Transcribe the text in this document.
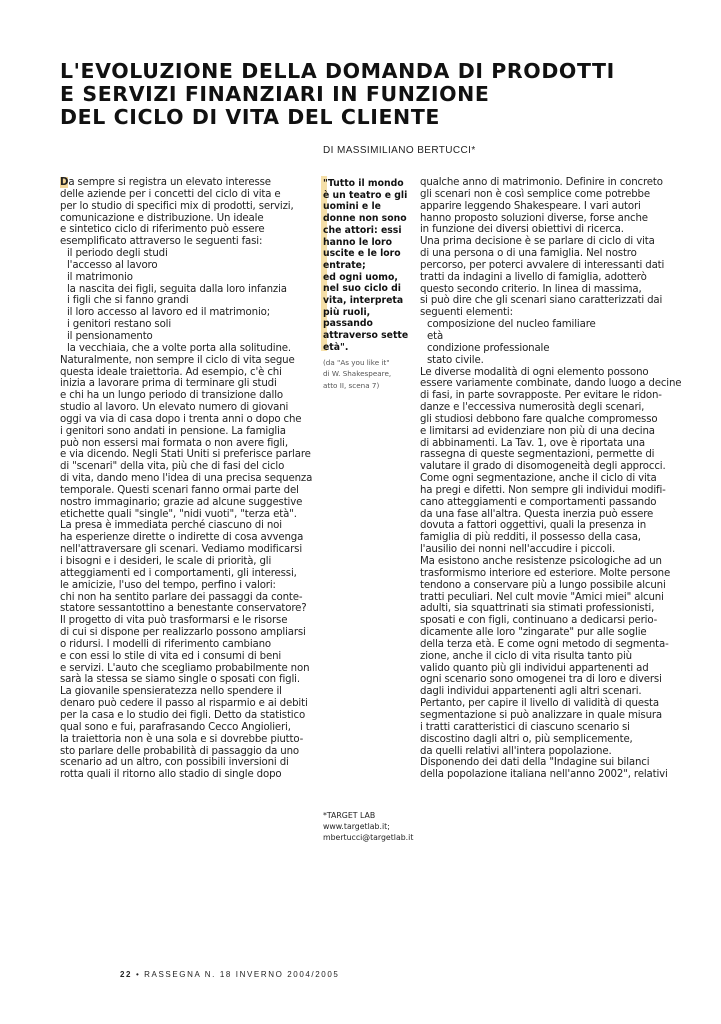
L'EVOLUZIONE DELLA DOMANDA DI PRODOTTI
E SERVIZI FINANZIARI IN FUNZIONE
DEL CICLO DI VITA DEL CLIENTE
DI MASSIMILIANO BERTUCCI*
Da sempre si registra un elevato interesse
delle aziende per i concetti del ciclo di vita e
per lo studio di specifici mix di prodotti, servizi,
comunicazione e distribuzione. Un ideale
e sintetico ciclo di riferimento può essere
esemplificato attraverso le seguenti fasi:
il periodo degli studi
l'accesso al lavoro
il matrimonio
la nascita dei figli, seguita dalla loro infanzia
i figli che si fanno grandi
il loro accesso al lavoro ed il matrimonio;
i genitori restano soli
il pensionamento
la vecchiaia, che a volte porta alla solitudine.
Naturalmente, non sempre il ciclo di vita segue
questa ideale traiettoria. Ad esempio, c'è chi
inizia a lavorare prima di terminare gli studi
e chi ha un lungo periodo di transizione dallo
studio al lavoro. Un elevato numero di giovani
oggi va via di casa dopo i trenta anni o dopo che
i genitori sono andati in pensione. La famiglia
può non essersi mai formata o non avere figli,
e via dicendo. Negli Stati Uniti si preferisce parlare
di "scenari" della vita, più che di fasi del ciclo
di vita, dando meno l'idea di una precisa sequenza
temporale. Questi scenari fanno ormai parte del
nostro immaginario; grazie ad alcune suggestive
etichette quali "single", "nidi vuoti", "terza età".
La presa è immediata perché ciascuno di noi
ha esperienze dirette o indirette di cosa avvenga
nell'attraversare gli scenari. Vediamo modificarsi
i bisogni e i desideri, le scale di priorità, gli
atteggiamenti ed i comportamenti, gli interessi,
le amicizie, l'uso del tempo, perfino i valori:
chi non ha sentito parlare dei passaggi da conte-
statore sessantottino a benestante conservatore?
Il progetto di vita può trasformarsi e le risorse
di cui si dispone per realizzarlo possono ampliarsi
o ridursi. I modelli di riferimento cambiano
e con essi lo stile di vita ed i consumi di beni
e servizi. L'auto che scegliamo probabilmente non
sarà la stessa se siamo single o sposati con figli.
La giovanile spensieratezza nello spendere il
denaro può cedere il passo al risparmio e ai debiti
per la casa e lo studio dei figli. Detto da statistico
qual sono e fui, parafrasando Cecco Angiolieri,
la traiettoria non è una sola e si dovrebbe piutto-
sto parlare delle probabilità di passaggio da uno
scenario ad un altro, con possibili inversioni di
rotta quali il ritorno allo stadio di single dopo
"Tutto il mondo
è un teatro e gli
uomini e le
donne non sono
che attori: essi
hanno le loro
uscite e le loro
entrate;
ed ogni uomo,
nel suo ciclo di
vita, interpreta
più ruoli,
passando
attraverso sette
età".
(da "As you like it"
di W. Shakespeare,
atto II, scena 7)
qualche anno di matrimonio. Definire in concreto
gli scenari non è così semplice come potrebbe
apparire leggendo Shakespeare. I vari autori
hanno proposto soluzioni diverse, forse anche
in funzione dei diversi obiettivi di ricerca.
Una prima decisione è se parlare di ciclo di vita
di una persona o di una famiglia. Nel nostro
percorso, per poterci avvalere di interessanti dati
tratti da indagini a livello di famiglia, adotterò
questo secondo criterio. In linea di massima,
si può dire che gli scenari siano caratterizzati dai
seguenti elementi:
composizione del nucleo familiare
età
condizione professionale
stato civile.
Le diverse modalità di ogni elemento possono
essere variamente combinate, dando luogo a decine
di fasi, in parte sovrapposte. Per evitare le ridon-
danze e l'eccessiva numerosità degli scenari,
gli studiosi debbono fare qualche compromesso
e limitarsi ad evidenziare non più di una decina
di abbinamenti. La Tav. 1, ove è riportata una
rassegna di queste segmentazioni, permette di
valutare il grado di disomogeneità degli approcci.
Come ogni segmentazione, anche il ciclo di vita
ha pregi e difetti. Non sempre gli individui modifi-
cano atteggiamenti e comportamenti passando
da una fase all'altra. Questa inerzia può essere
dovuta a fattori oggettivi, quali la presenza in
famiglia di più redditi, il possesso della casa,
l'ausilio dei nonni nell'accudire i piccoli.
Ma esistono anche resistenze psicologiche ad un
trasformismo interiore ed esteriore. Molte persone
tendono a conservare più a lungo possibile alcuni
tratti peculiari. Nel cult movie "Amici miei" alcuni
adulti, sia squattrinati sia stimati professionisti,
sposati e con figli, continuano a dedicarsi perio-
dicamente alle loro "zingarate" pur alle soglie
della terza età. E come ogni metodo di segmenta-
zione, anche il ciclo di vita risulta tanto più
valido quanto più gli individui appartenenti ad
ogni scenario sono omogenei tra di loro e diversi
dagli individui appartenenti agli altri scenari.
Pertanto, per capire il livello di validità di questa
segmentazione si può analizzare in quale misura
i tratti caratteristici di ciascuno scenario si
discostino dagli altri o, più semplicemente,
da quelli relativi all'intera popolazione.
Disponendo dei dati della "Indagine sui bilanci
della popolazione italiana nell'anno 2002", relativi
*TARGET LAB
www.targetlab.it;
mbertucci@targetlab.it
22 • RASSEGNA N. 18 INVERNO 2004/2005
